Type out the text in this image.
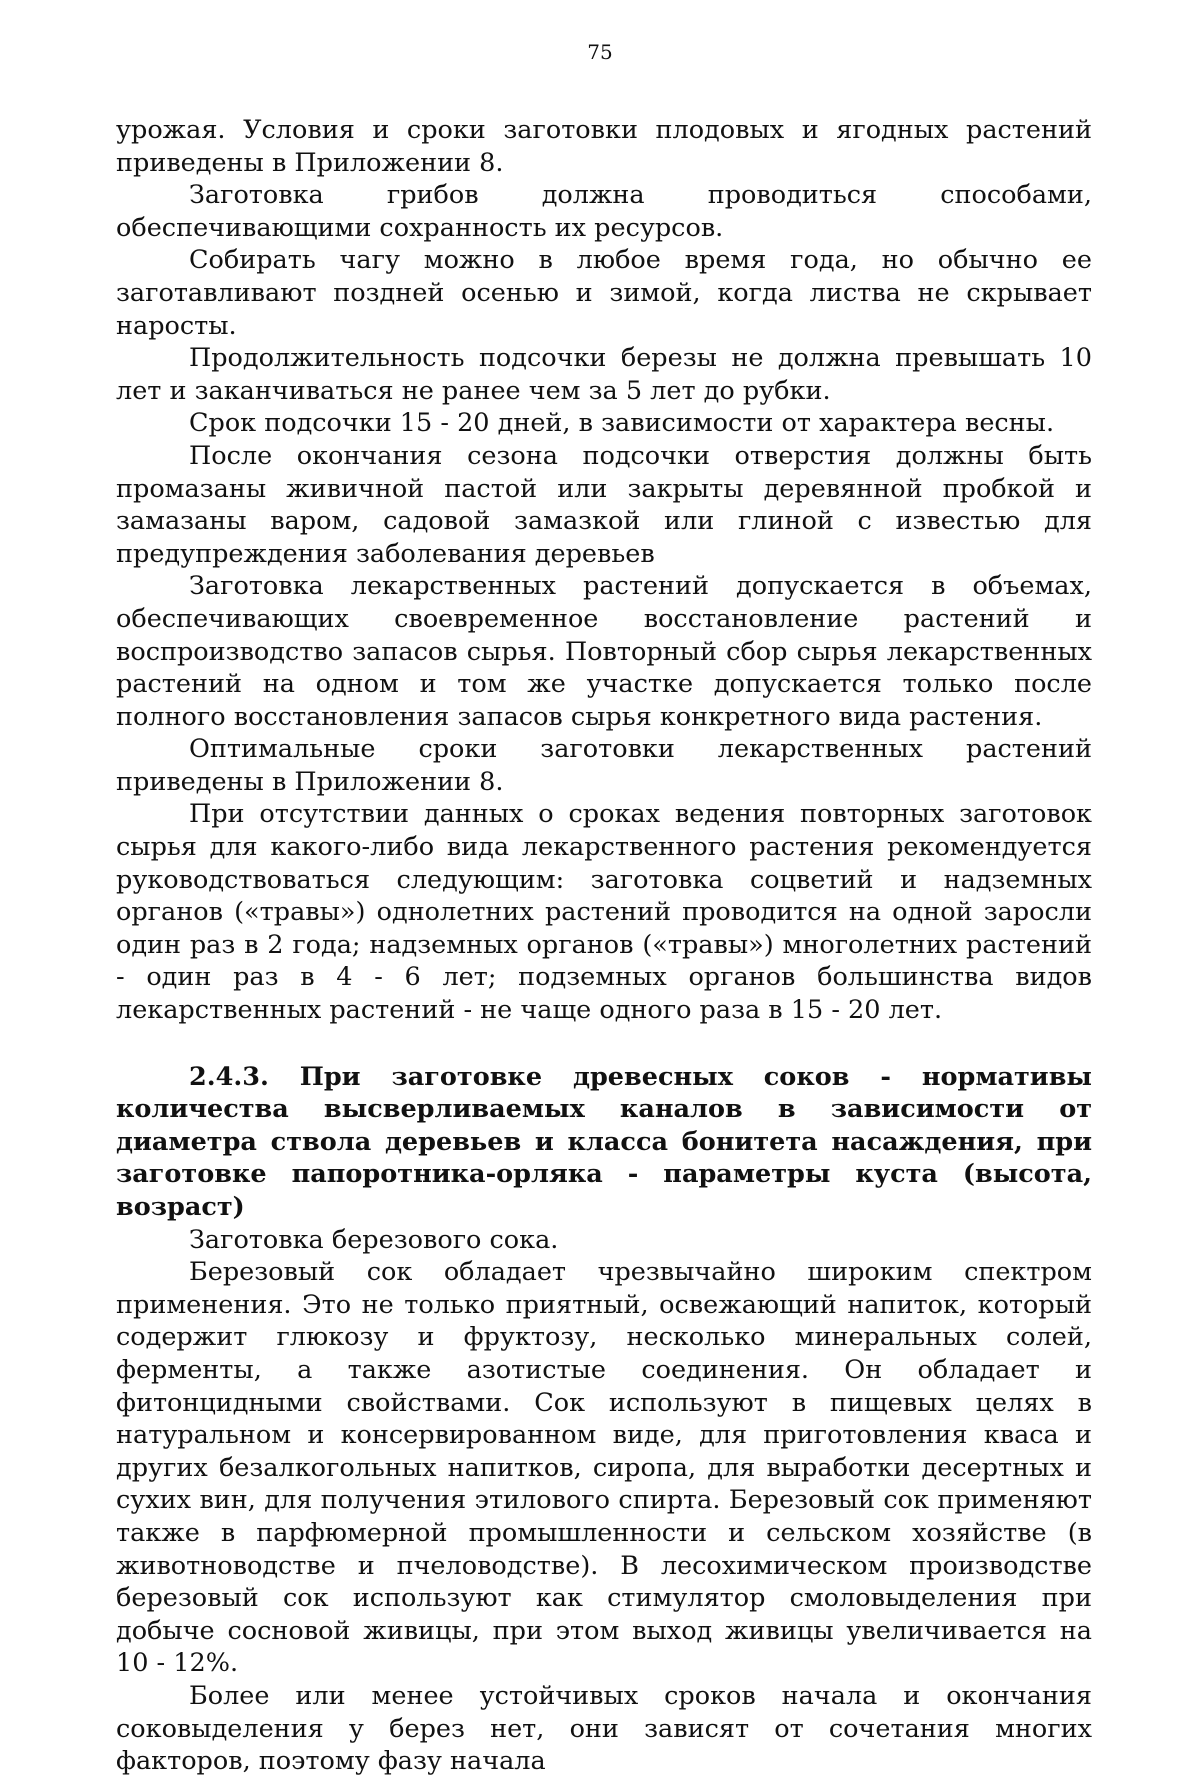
75

урожая. Условия и сроки заготовки плодовых и ягодных растений приведены в Приложении 8.

Заготовка грибов должна проводиться способами, обеспечивающими сохранность их ресурсов.

Собирать чагу можно в любое время года, но обычно ее заготавливают поздней осенью и зимой, когда листва не скрывает наросты.

Продолжительность подсочки березы не должна превышать 10 лет и заканчиваться не ранее чем за 5 лет до рубки.

Срок подсочки 15 - 20 дней, в зависимости от характера весны.

После окончания сезона подсочки отверстия должны быть промазаны живичной пастой или закрыты деревянной пробкой и замазаны варом, садовой замазкой или глиной с известью для предупреждения заболевания деревьев

Заготовка лекарственных растений допускается в объемах, обеспечивающих своевременное восстановление растений и воспроизводство запасов сырья. Повторный сбор сырья лекарственных растений на одном и том же участке допускается только после полного восстановления запасов сырья конкретного вида растения.

Оптимальные сроки заготовки лекарственных растений приведены в Приложении 8.

При отсутствии данных о сроках ведения повторных заготовок сырья для какого-либо вида лекарственного растения рекомендуется руководствоваться следующим: заготовка соцветий и надземных органов («травы») однолетних растений проводится на одной заросли один раз в 2 года; надземных органов («травы») многолетних растений - один раз в 4 - 6 лет; подземных органов большинства видов лекарственных растений - не чаще одного раза в 15 - 20 лет.

2.4.3. При заготовке древесных соков - нормативы количества высверливаемых каналов в зависимости от диаметра ствола деревьев и класса бонитета насаждения, при заготовке папоротника-орляка - параметры куста (высота, возраст)

Заготовка березового сока.

Березовый сок обладает чрезвычайно широким спектром применения. Это не только приятный, освежающий напиток, который содержит глюкозу и фруктозу, несколько минеральных солей, ферменты, а также азотистые соединения. Он обладает и фитонцидными свойствами. Сок используют в пищевых целях в натуральном и консервированном виде, для приготовления кваса и других безалкогольных напитков, сиропа, для выработки десертных и сухих вин, для получения этилового спирта. Березовый сок применяют также в парфюмерной промышленности и сельском хозяйстве (в животноводстве и пчеловодстве). В лесохимическом производстве березовый сок используют как стимулятор смоловыделения при добыче сосновой живицы, при этом выход живицы увеличивается на 10 - 12%.

Более или менее устойчивых сроков начала и окончания соковыделения у берез нет, они зависят от сочетания многих факторов, поэтому фазу начала
